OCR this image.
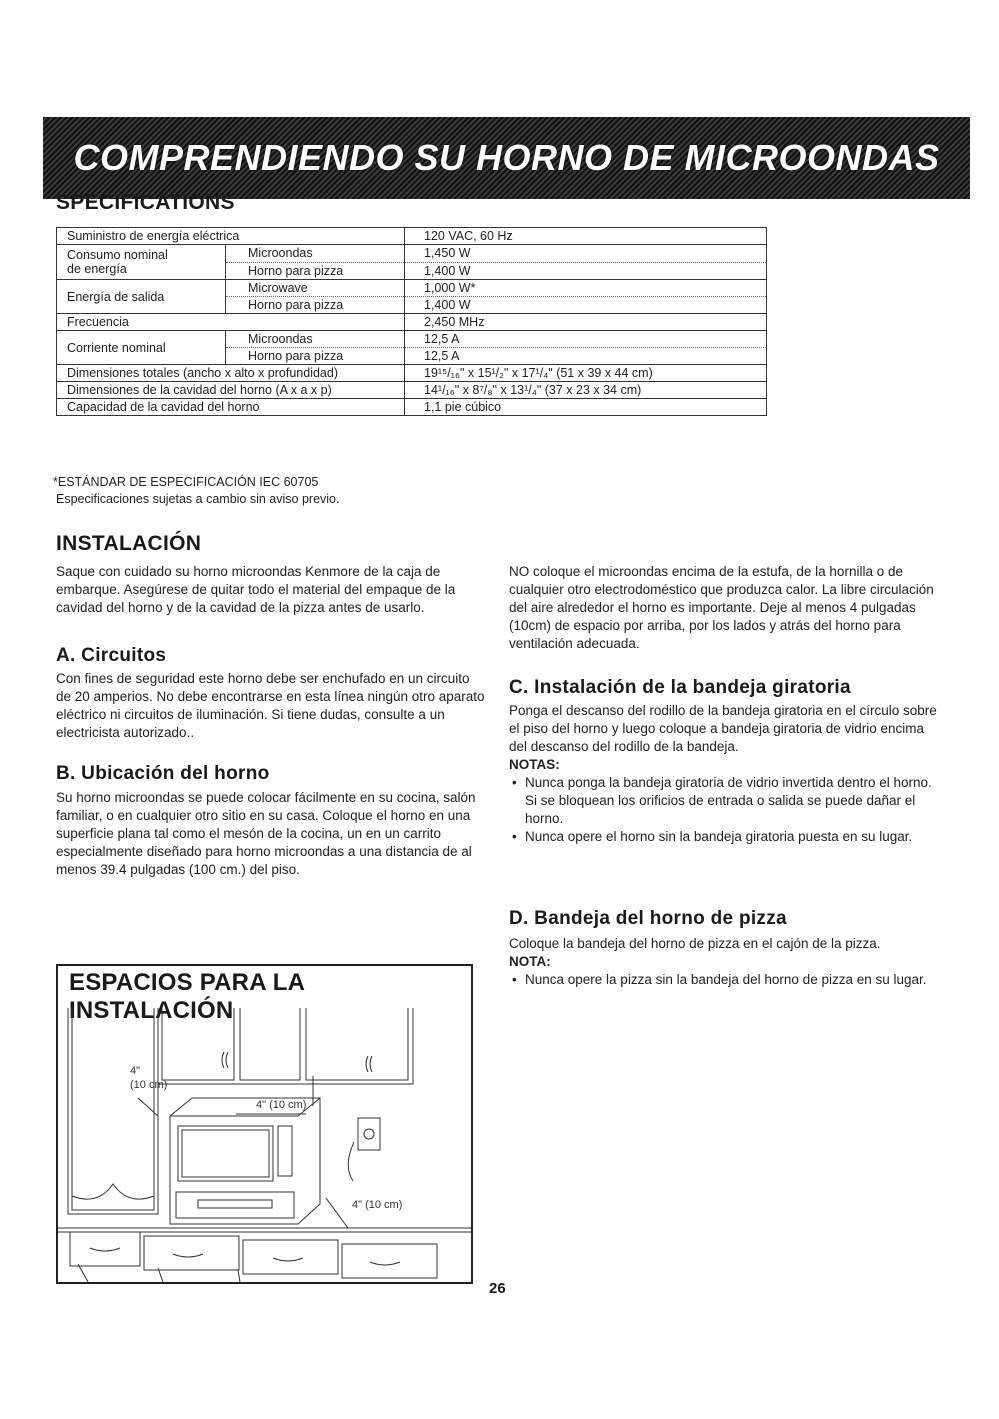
COMPRENDIENDO SU HORNO DE MICROONDAS
SPECIFICATIONS
Suministro de energía eléctrica		120 VAC, 60 Hz

Consumo nominal
de energía	Microondas	1,450 W
	Horno para pizza	1,400 W
Energía de salida	Microwave	1,000 W*
	Horno para pizza	1,400 W
Frecuencia		2,450 MHz
Corriente nominal	Microondas	12,5 A
	Horno para pizza	12,5 A
Dimensiones totales (ancho x alto x profundidad)		19¹⁵/₁₆" x 15¹/₂" x 17¹/₄" (51 x 39 x 44 cm)
Dimensiones de la cavidad del horno (A x a x p)		14¹/₁₆" x 8⁷/₈" x 13¹/₄" (37 x 23 x 34 cm)
Capacidad de la cavidad del horno		1,1 pie cúbico
*ESTÁNDAR DE ESPECIFICACIÓN IEC 60705
Especificaciones sujetas a cambio sin aviso previo.
INSTALACIÓN
Saque con cuidado su horno microondas Kenmore de la caja de embarque. Asegúrese de quitar todo el material del empaque de la cavidad del horno y de la cavidad de la pizza antes de usarlo.
A. Circuitos
Con fines de seguridad este horno debe ser enchufado en un circuito de 20 amperios. No debe encontrarse en esta línea ningún otro aparato eléctrico ni circuitos de iluminación. Si tiene dudas, consulte a un electricista autorizado..
B. Ubicación del horno
Su horno microondas se puede colocar fácilmente en su cocina, salón familiar, o en cualquier otro sitio en su casa. Coloque el horno en una superficie plana tal como el mesón de la cocina, un en un carrito especialmente diseñado para horno microondas a una distancia de al menos 39.4 pulgadas (100 cm.) del piso.
NO coloque el microondas encima de la estufa, de la hornilla o de cualquier otro electrodoméstico que produzca calor. La libre circulación del aire alrededor el horno es importante. Deje al menos 4 pulgadas (10cm) de espacio por arriba, por los lados y atrás del horno para ventilación adecuada.
C. Instalación de la bandeja giratoria
Ponga el descanso del rodillo de la bandeja giratoria en el círculo sobre el piso del horno y luego coloque a bandeja giratoria de vidrio encima del descanso del rodillo de la bandeja.
NOTAS:
• Nunca ponga la bandeja giratoria de vidrio invertida dentro el horno. Si se bloquean los orificios de entrada o salida se puede dañar el horno.
• Nunca opere el horno sin la bandeja giratoria puesta en su lugar.
D. Bandeja del horno de pizza
Coloque la bandeja del horno de pizza en el cajón de la pizza.
NOTA:
• Nunca opere la pizza sin la bandeja del horno de pizza en su lugar.
ESPACIOS PARA LA INSTALACIÓN
4"
(10 cm)
4" (10 cm)
4" (10 cm)
26
